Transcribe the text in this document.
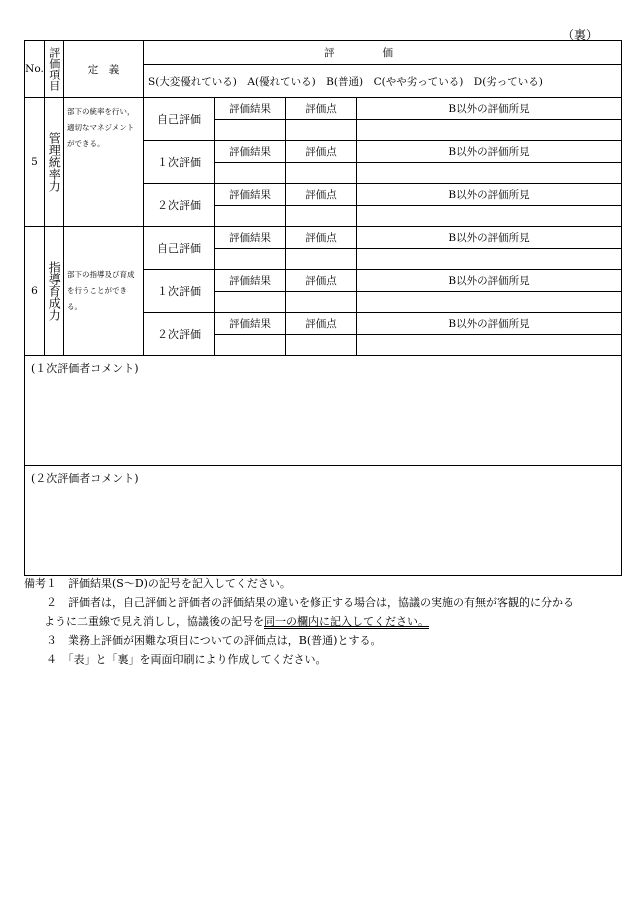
（裏）
No.	評価項目	定　義	評価			
			S(大変優れている)　A(優れている)　B(普通)　C(やや劣っている)　D(劣っている)			
5	管理統率力	部下の統率を行い，適切なマネジメントができる。	自己評価	評価結果	評価点	B以外の評価所見

			１次評価	評価結果	評価点	B以外の評価所見

			２次評価	評価結果	評価点	B以外の評価所見

6	指導育成力	部下の指導及び育成を行うことができる。	自己評価	評価結果	評価点	B以外の評価所見

			１次評価	評価結果	評価点	B以外の評価所見

			２次評価	評価結果	評価点	B以外の評価所見

(１次評価者コメント)						
(２次評価者コメント)						
備考１　評価結果(S～D)の記号を記入してください。
２　評価者は，自己評価と評価者の評価結果の違いを修正する場合は，協議の実施の有無が客観的に分かる
ように二重線で見え消しし，協議後の記号を同一の欄内に記入してください。
３　業務上評価が困難な項目についての評価点は，B(普通)とする。
４　「表」と「裏」を両面印刷により作成してください。
